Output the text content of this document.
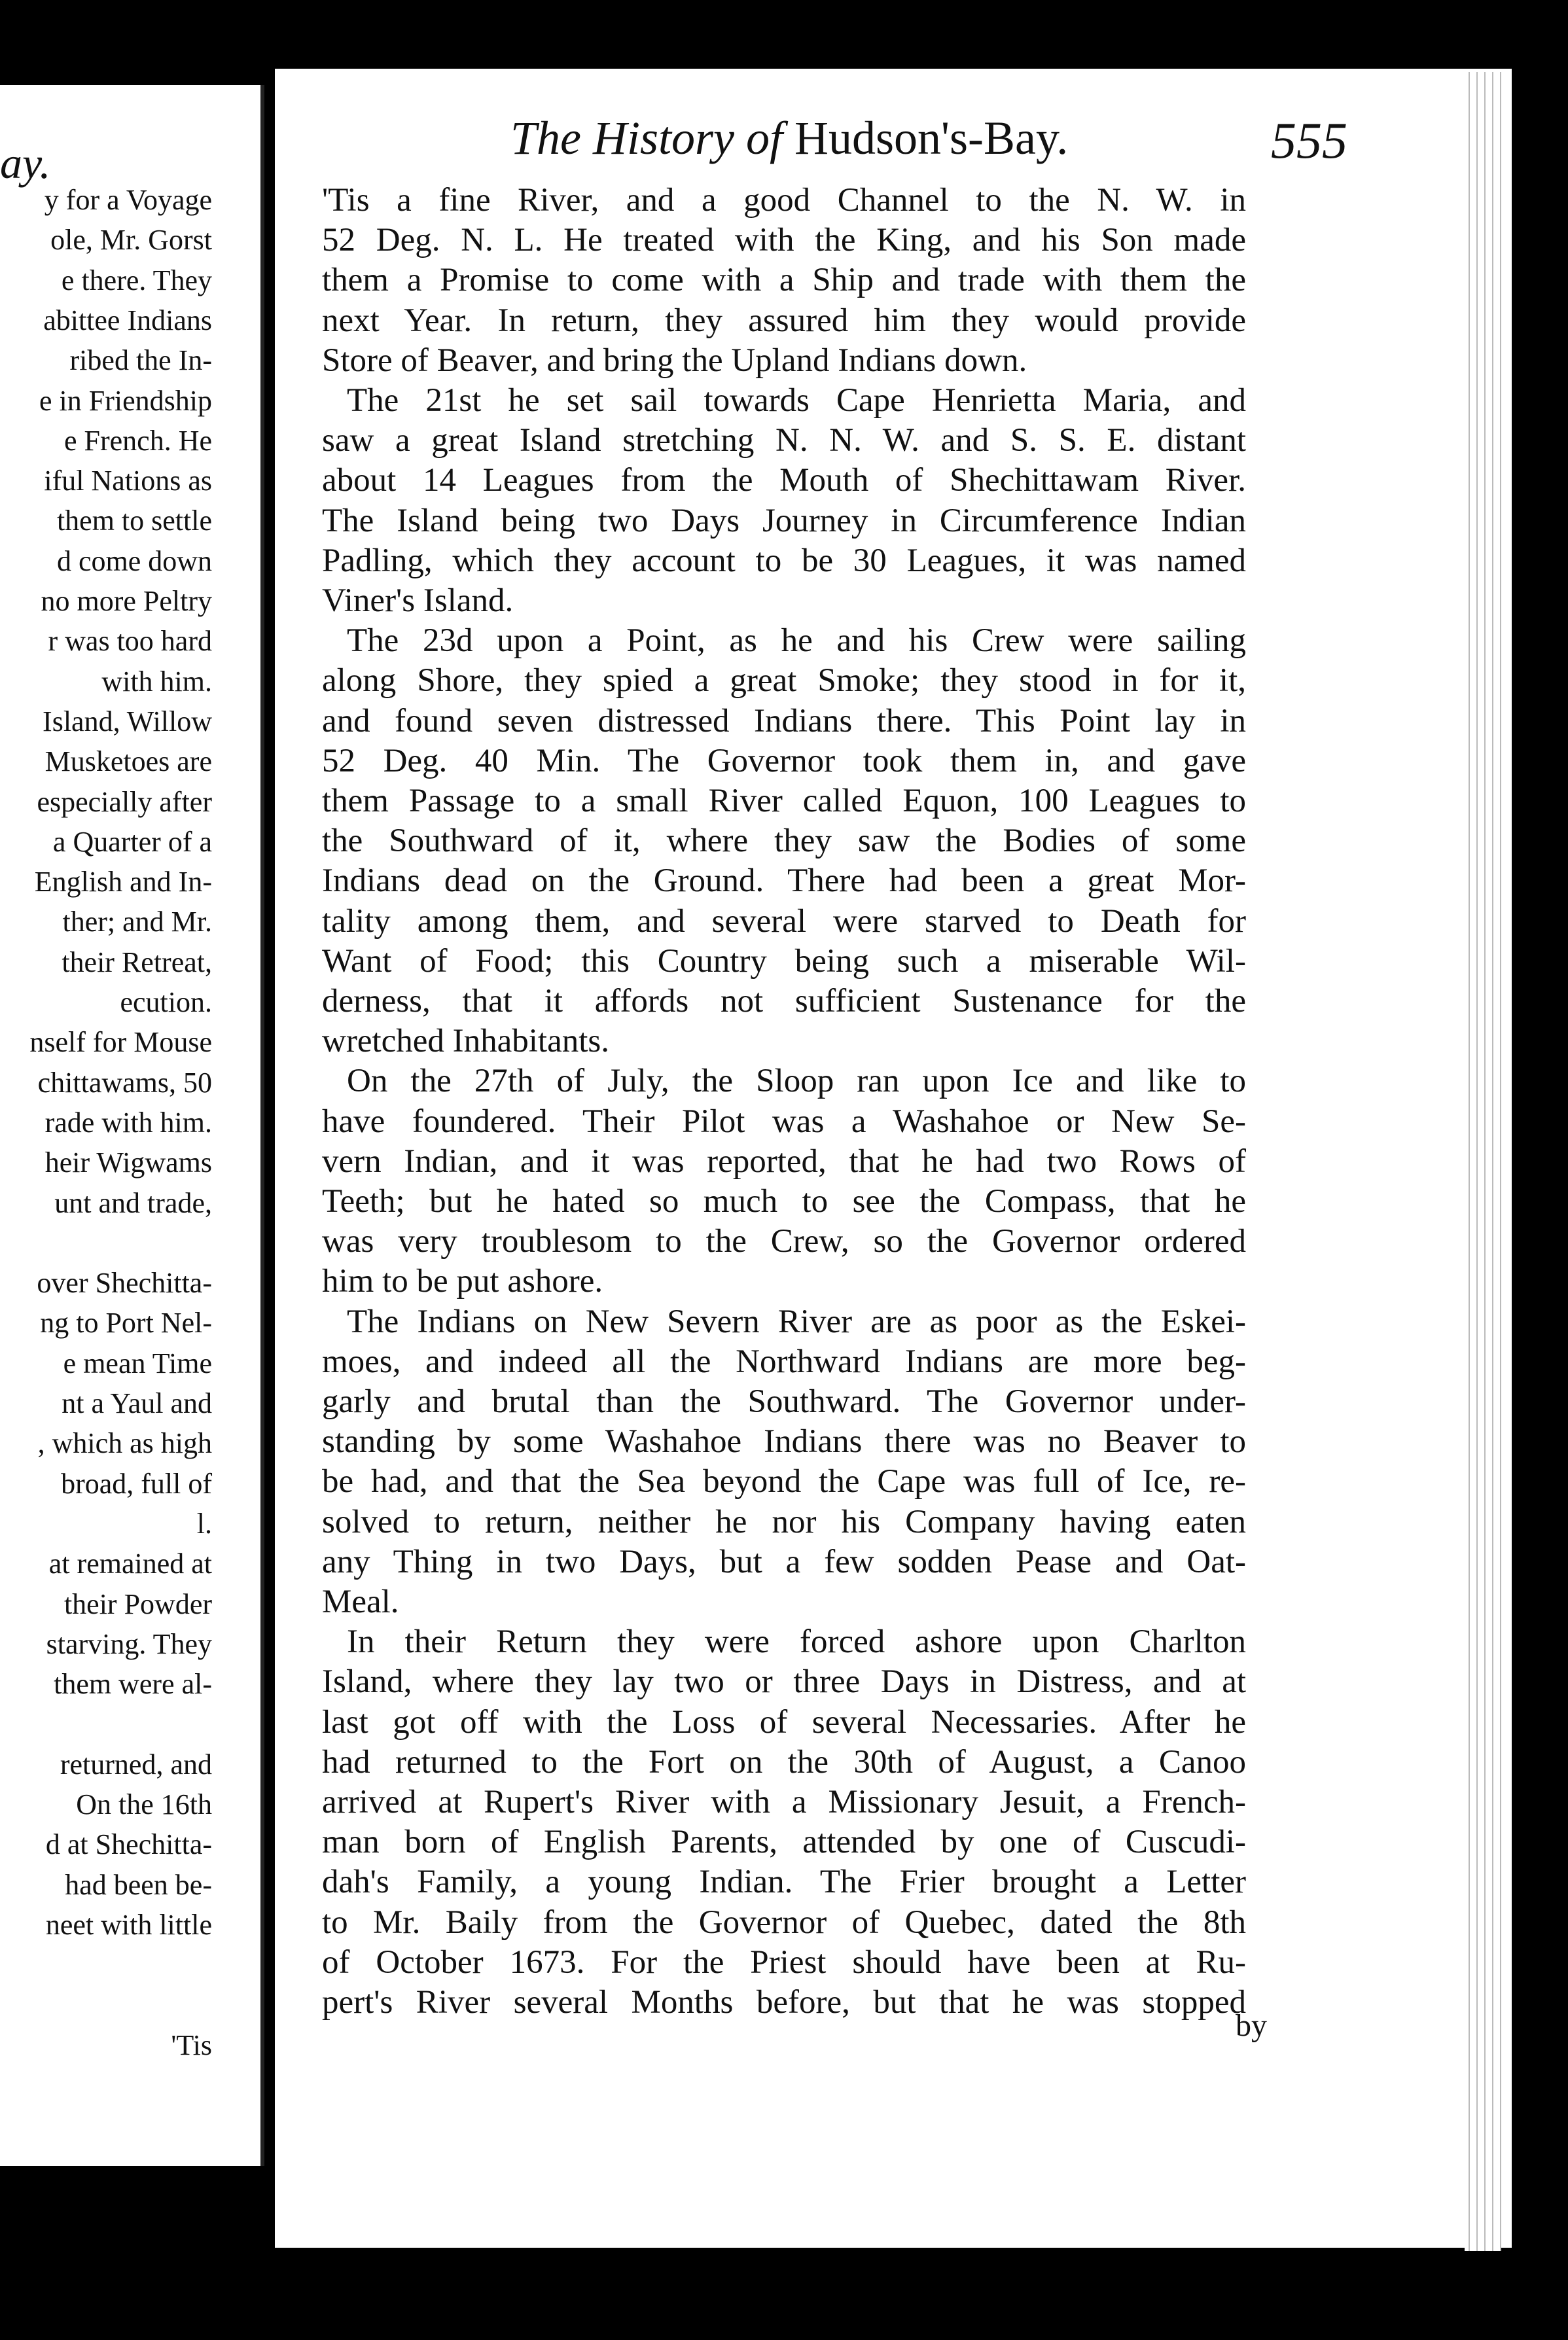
ay.
y for a Voyage
ole, Mr. Gorst
e there. They
abittee Indians
ribed the In-
e in Friendship
e French. He
iful Nations as
them to settle
d come down
no more Peltry
r was too hard
with him.
Island, Willow
Musketoes are
especially after
a Quarter of a
English and In-
ther; and Mr.
their Retreat,
ecution.
nself for Mouse
chittawams, 50
rade with him.
heir Wigwams
unt and trade,
over Shechitta-
ng to Port Nel-
e mean Time
nt a Yaul and
, which as high
broad, full of
l.
at remained at
their Powder
starving. They
them were al-
returned, and
On the 16th
d at Shechitta-
had been be-
neet with little
'Tis
The History of Hudson's-Bay.	555
'Tis a fine River, and a good Channel to the N. W. in
52 Deg. N. L. He treated with the King, and his Son made
them a Promise to come with a Ship and trade with them the
next Year. In return, they assured him they would provide
Store of Beaver, and bring the Upland Indians down.
The 21st he set sail towards Cape Henrietta Maria, and
saw a great Island stretching N. N. W. and S. S. E. distant
about 14 Leagues from the Mouth of Shechittawam River.
The Island being two Days Journey in Circumference Indian
Padling, which they account to be 30 Leagues, it was named
Viner's Island.
The 23d upon a Point, as he and his Crew were sailing
along Shore, they spied a great Smoke; they stood in for it,
and found seven distressed Indians there. This Point lay in
52 Deg. 40 Min. The Governor took them in, and gave
them Passage to a small River called Equon, 100 Leagues to
the Southward of it, where they saw the Bodies of some
Indians dead on the Ground. There had been a great Mor-
tality among them, and several were starved to Death for
Want of Food; this Country being such a miserable Wil-
derness, that it affords not sufficient Sustenance for the
wretched Inhabitants.
On the 27th of July, the Sloop ran upon Ice and like to
have foundered. Their Pilot was a Washahoe or New Se-
vern Indian, and it was reported, that he had two Rows of
Teeth; but he hated so much to see the Compass, that he
was very troublesom to the Crew, so the Governor ordered
him to be put ashore.
The Indians on New Severn River are as poor as the Eskei-
moes, and indeed all the Northward Indians are more beg-
garly and brutal than the Southward. The Governor under-
standing by some Washahoe Indians there was no Beaver to
be had, and that the Sea beyond the Cape was full of Ice, re-
solved to return, neither he nor his Company having eaten
any Thing in two Days, but a few sodden Pease and Oat-
Meal.
In their Return they were forced ashore upon Charlton
Island, where they lay two or three Days in Distress, and at
last got off with the Loss of several Necessaries. After he
had returned to the Fort on the 30th of August, a Canoo
arrived at Rupert's River with a Missionary Jesuit, a French-
man born of English Parents, attended by one of Cuscudi-
dah's Family, a young Indian. The Frier brought a Letter
to Mr. Baily from the Governor of Quebec, dated the 8th
of October 1673. For the Priest should have been at Ru-
pert's River several Months before, but that he was stopped
by
